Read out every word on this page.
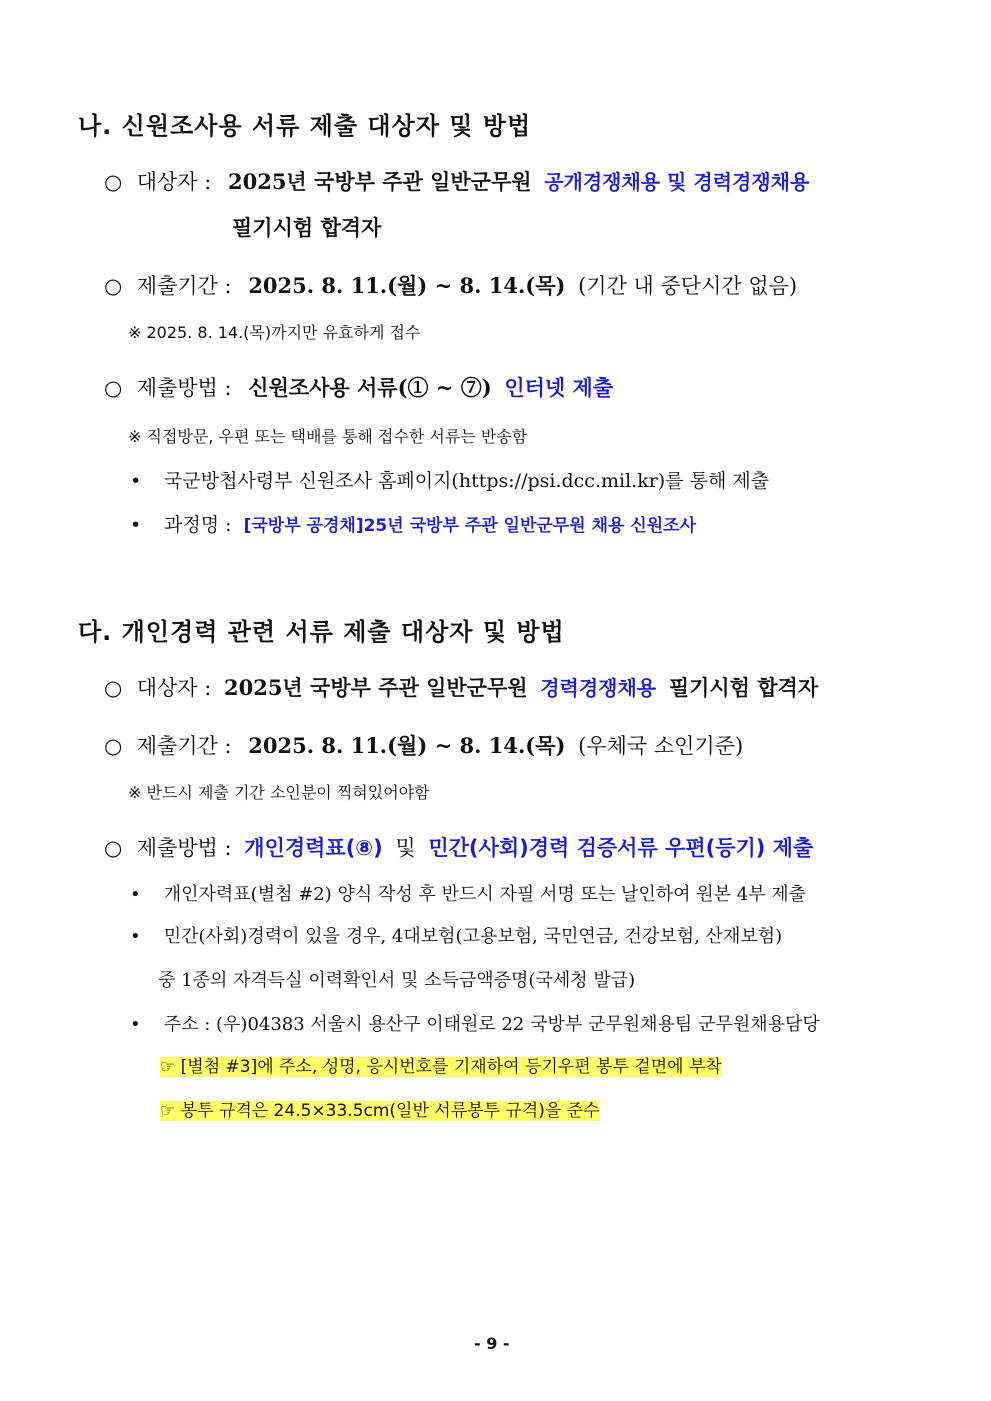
나. 신원조사용 서류 제출 대상자 및 방법
○ 대상자 : 2025년 국방부 주관 일반군무원 공개경쟁채용 및 경력경쟁채용
필기시험 합격자
○ 제출기간 : 2025. 8. 11.(월) ~ 8. 14.(목) (기간 내 중단시간 없음)
※ 2025. 8. 14.(목)까지만 유효하게 접수
○ 제출방법 : 신원조사용 서류(① ~ ⑦) 인터넷 제출
※ 직접방문, 우편 또는 택배를 통해 접수한 서류는 반송함
• 국군방첩사령부 신원조사 홈페이지(https://psi.dcc.mil.kr)를 통해 제출
• 과정명 : [국방부 공경채]25년 국방부 주관 일반군무원 채용 신원조사
다. 개인경력 관련 서류 제출 대상자 및 방법
○ 대상자 : 2025년 국방부 주관 일반군무원 경력경쟁채용 필기시험 합격자
○ 제출기간 : 2025. 8. 11.(월) ~ 8. 14.(목) (우체국 소인기준)
※ 반드시 제출 기간 소인분이 찍혀있어야함
○ 제출방법 : 개인경력표(⑧) 및 민간(사회)경력 검증서류 우편(등기) 제출
• 개인자력표(별첨 #2) 양식 작성 후 반드시 자필 서명 또는 날인하여 원본 4부 제출
• 민간(사회)경력이 있을 경우, 4대보험(고용보험, 국민연금, 건강보험, 산재보험)
중 1종의 자격득실 이력확인서 및 소득금액증명(국세청 발급)
• 주소 : (우)04383 서울시 용산구 이태원로 22 국방부 군무원채용팀 군무원채용담당
☞ [별첨 #3]에 주소, 성명, 응시번호를 기재하여 등기우편 봉투 겉면에 부착
☞ 봉투 규격은 24.5×33.5cm(일반 서류봉투 규격)을 준수
- 9 -
